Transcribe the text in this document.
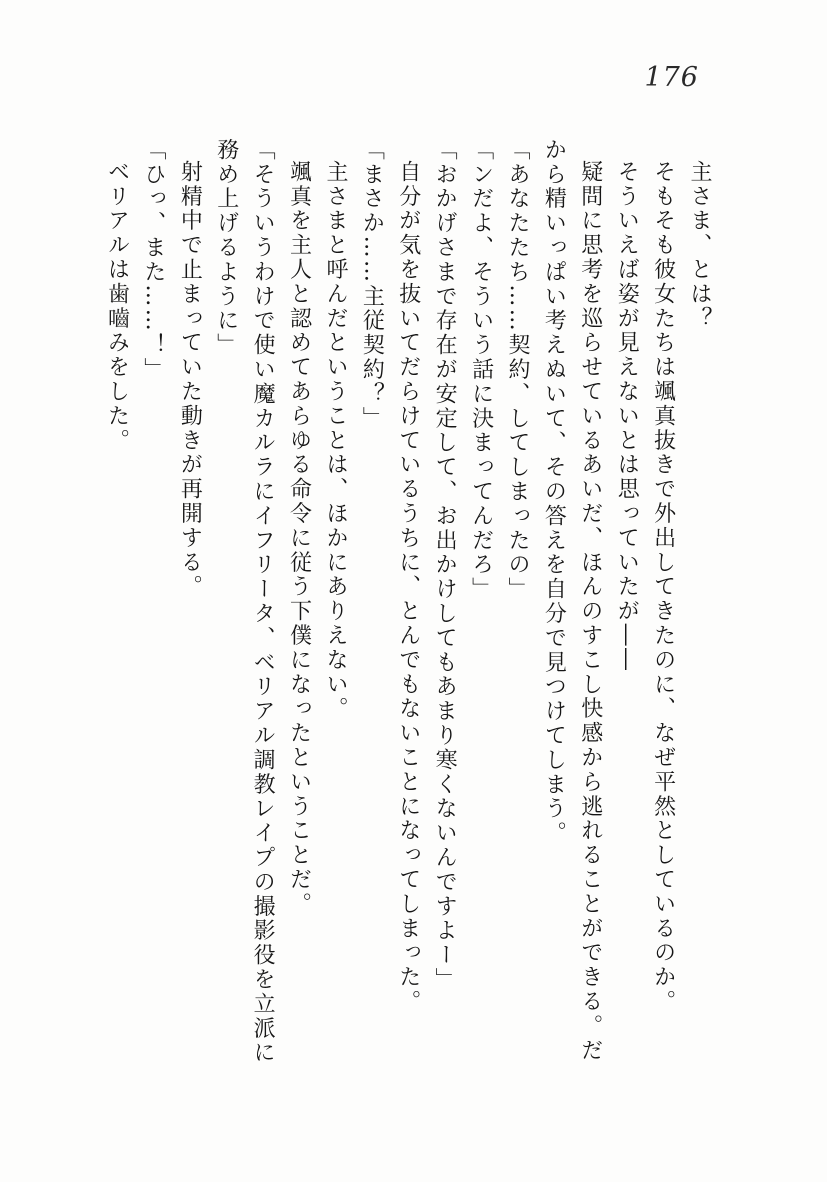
176

主さま、とは？

そもそも彼女たちは颯真抜きで外出してきたのに、なぜ平然としているのか。

そういえば姿が見えないとは思っていたが――

疑問に思考を巡らせているあいだ、ほんのすこし快感から逃れることができる。だから精いっぱい考えぬいて、その答えを自分で見つけてしまう。

「あなたたち……契約、してしまったの」

「ンだよ、そういう話に決まってんだろ」

「おかげさまで存在が安定して、お出かけしてもあまり寒くないんですよー」

自分が気を抜いてだらけているうちに、とんでもないことになってしまった。

「まさか……主従契約？」

主さまと呼んだということは、ほかにありえない。

颯真を主人と認めてあらゆる命令に従う下僕になったということだ。

「そういうわけで使い魔カルラにイフリータ、ベリアル調教レイプの撮影役を立派に務め上げるように」

射精中で止まっていた動きが再開する。

「ひっ、また……！」

ベリアルは歯嚙みをした。
